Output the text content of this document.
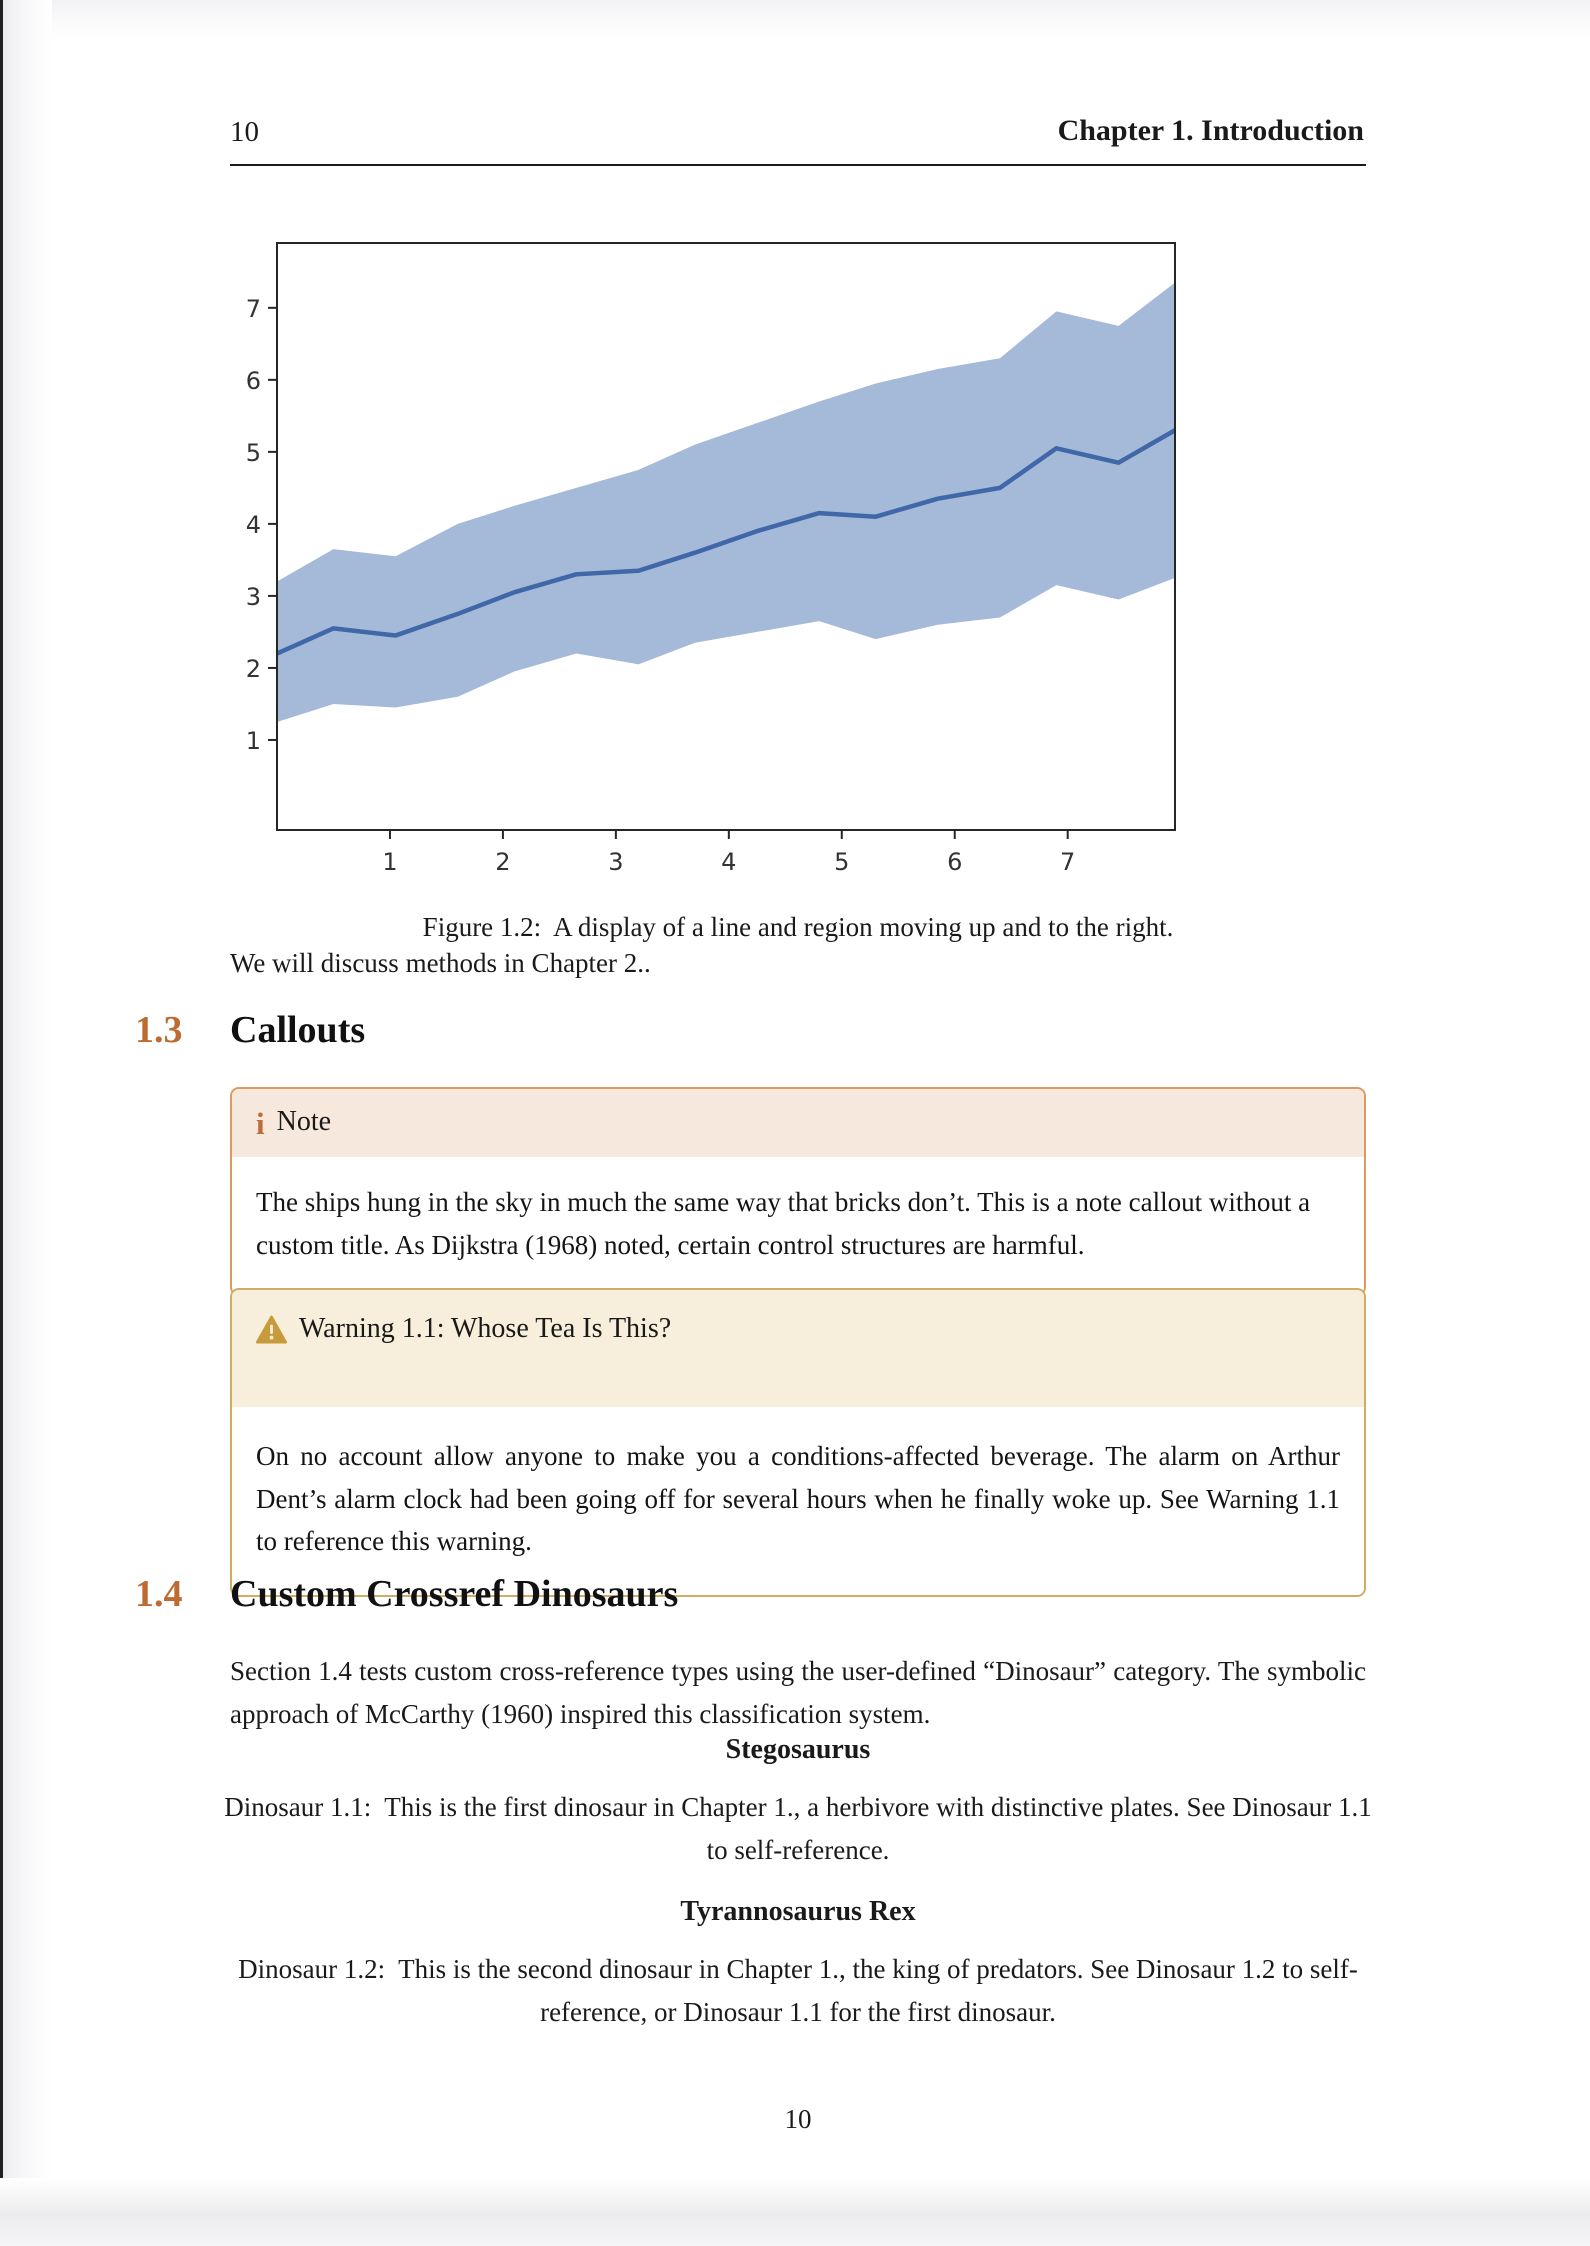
10	Chapter 1. Introduction
1	2	3	4	5	6	7
1
2
3
4
5
6
7
Figure 1.2:  A display of a line and region moving up and to the right.
We will discuss methods in Chapter 2..
1.3 Callouts
i Note
The ships hung in the sky in much the same way that bricks don’t. This is a note callout without a custom title. As Dijkstra (1968) noted, certain control structures are harmful.
Warning 1.1: Whose Tea Is This?
On no account allow anyone to make you a conditions-affected beverage. The alarm on Arthur Dent’s alarm clock had been going off for several hours when he finally woke up. See Warning 1.1 to reference this warning.
1.4 Custom Crossref Dinosaurs
Section 1.4 tests custom cross-reference types using the user-defined “Dinosaur” category. The symbolic approach of McCarthy (1960) inspired this classification system.
Stegosaurus
Dinosaur 1.1:  This is the first dinosaur in Chapter 1., a herbivore with distinctive plates. See Dinosaur 1.1 to self-reference.
Tyrannosaurus Rex
Dinosaur 1.2:  This is the second dinosaur in Chapter 1., the king of predators. See Dinosaur 1.2 to self-reference, or Dinosaur 1.1 for the first dinosaur.
10
